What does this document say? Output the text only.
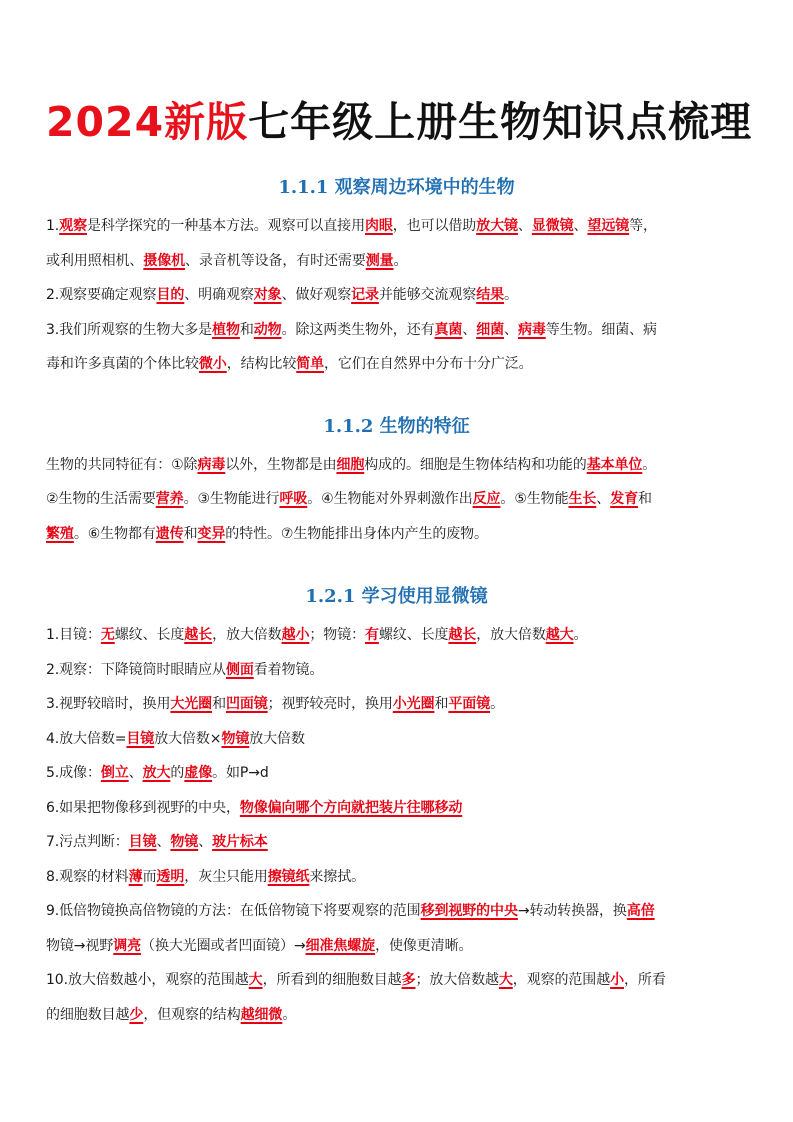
2024新版七年级上册生物知识点梳理
1.1.1 观察周边环境中的生物
1.观察是科学探究的一种基本方法。观察可以直接用肉眼，也可以借助放大镜、显微镜、望远镜等，
或利用照相机、摄像机、录音机等设备，有时还需要测量。
2.观察要确定观察目的、明确观察对象、做好观察记录并能够交流观察结果。
3.我们所观察的生物大多是植物和动物。除这两类生物外，还有真菌、细菌、病毒等生物。细菌、病
毒和许多真菌的个体比较微小，结构比较简单，它们在自然界中分布十分广泛。
1.1.2 生物的特征
生物的共同特征有：①除病毒以外，生物都是由细胞构成的。细胞是生物体结构和功能的基本单位。
②生物的生活需要营养。③生物能进行呼吸。④生物能对外界刺激作出反应。⑤生物能生长、发育和
繁殖。⑥生物都有遗传和变异的特性。⑦生物能排出身体内产生的废物。
1.2.1 学习使用显微镜
1.目镜：无螺纹、长度越长，放大倍数越小；物镜：有螺纹、长度越长，放大倍数越大。
2.观察：下降镜筒时眼睛应从侧面看着物镜。
3.视野较暗时，换用大光圈和凹面镜；视野较亮时，换用小光圈和平面镜。
4.放大倍数=目镜放大倍数×物镜放大倍数
5.成像：倒立、放大的虚像。如P→d
6.如果把物像移到视野的中央，物像偏向哪个方向就把装片往哪移动
7.污点判断：目镜、物镜、玻片标本
8.观察的材料薄而透明，灰尘只能用擦镜纸来擦拭。
9.低倍物镜换高倍物镜的方法：在低倍物镜下将要观察的范围移到视野的中央→转动转换器，换高倍
物镜→视野调亮（换大光圈或者凹面镜）→细准焦螺旋，使像更清晰。
10.放大倍数越小，观察的范围越大，所看到的细胞数目越多；放大倍数越大，观察的范围越小，所看
的细胞数目越少，但观察的结构越细微。
